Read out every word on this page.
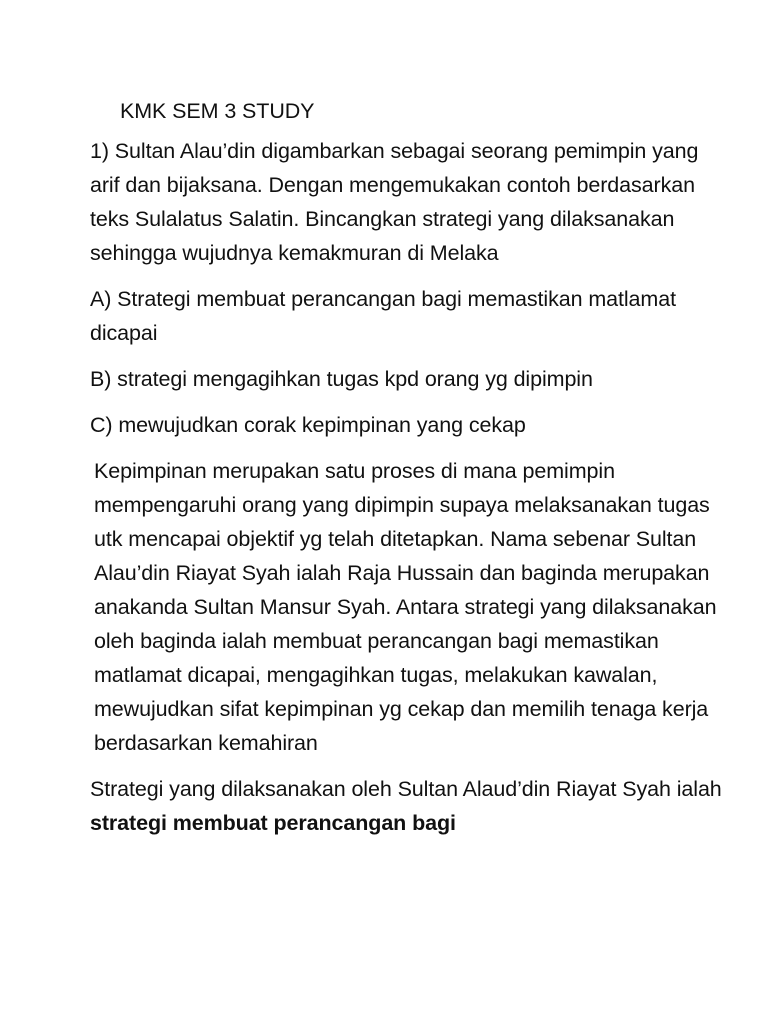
KMK SEM 3 STUDY

1) Sultan Alau’din digambarkan sebagai seorang pemimpin yang arif dan bijaksana. Dengan mengemukakan contoh berdasarkan teks Sulalatus Salatin. Bincangkan strategi yang dilaksanakan sehingga wujudnya kemakmuran di Melaka

A) Strategi membuat perancangan bagi memastikan matlamat dicapai

B) strategi mengagihkan tugas kpd orang yg dipimpin

C) mewujudkan corak kepimpinan yang cekap

Kepimpinan merupakan satu proses di mana pemimpin mempengaruhi orang yang dipimpin supaya melaksanakan tugas utk mencapai objektif yg telah ditetapkan. Nama sebenar Sultan Alau’din Riayat Syah ialah Raja Hussain dan baginda merupakan anakanda Sultan Mansur Syah. Antara strategi yang dilaksanakan oleh baginda ialah membuat perancangan bagi memastikan matlamat dicapai, mengagihkan tugas, melakukan kawalan, mewujudkan sifat kepimpinan yg cekap dan memilih tenaga kerja berdasarkan kemahiran

Strategi yang dilaksanakan oleh Sultan Alaud’din Riayat Syah ialah strategi membuat perancangan bagi
